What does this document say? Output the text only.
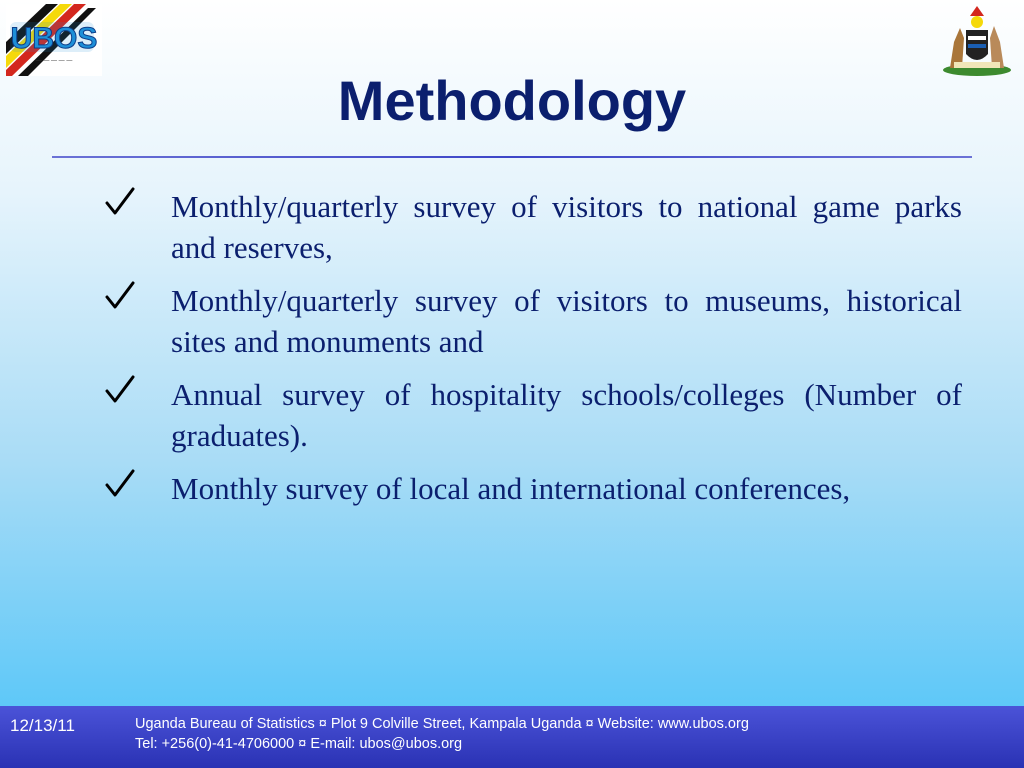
UBOS
— — — — —
Methodology
Monthly/quarterly survey of visitors to national game parks and reserves,
Monthly/quarterly survey of visitors to museums, historical sites and monuments and
Annual survey of hospitality schools/colleges (Number of graduates).
Monthly survey of local and international conferences,
12/13/11	Uganda Bureau of Statistics ¤ Plot 9 Colville Street, Kampala Uganda ¤ Website: www.ubos.org
Tel: +256(0)-41-4706000 ¤ E-mail: ubos@ubos.org
